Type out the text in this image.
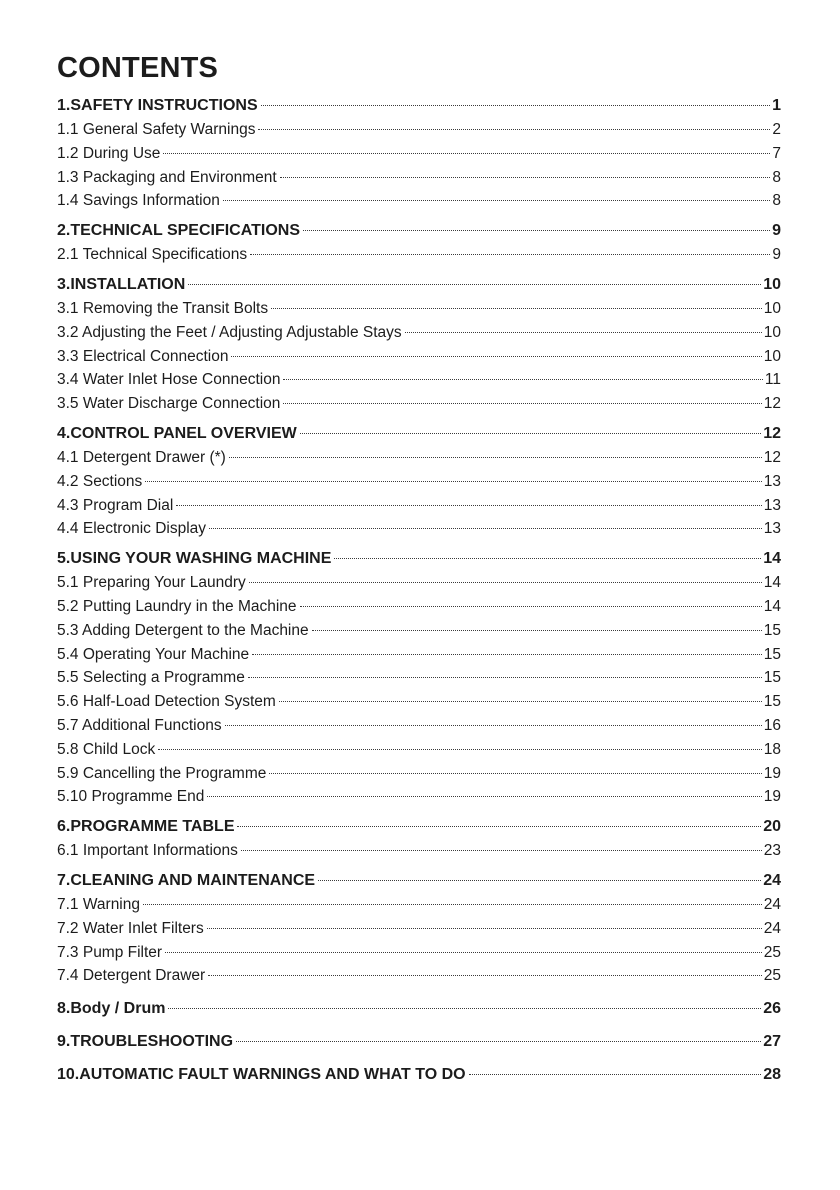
CONTENTS
1.SAFETY INSTRUCTIONS	1
1.1 General Safety Warnings	2
1.2 During Use	7
1.3 Packaging and Environment	8
1.4 Savings Information	8
2.TECHNICAL SPECIFICATIONS	9
2.1 Technical Specifications	9
3.INSTALLATION	10
3.1 Removing the Transit Bolts	10
3.2 Adjusting the Feet / Adjusting Adjustable Stays	10
3.3 Electrical Connection	10
3.4 Water Inlet Hose Connection	11
3.5 Water Discharge Connection	12
4.CONTROL PANEL OVERVIEW	12
4.1 Detergent Drawer (*)	12
4.2 Sections	13
4.3 Program Dial	13
4.4 Electronic Display	13
5.USING YOUR WASHING MACHINE	14
5.1 Preparing Your Laundry	14
5.2 Putting Laundry in the Machine	14
5.3 Adding Detergent to the Machine	15
5.4 Operating Your Machine	15
5.5 Selecting a Programme	15
5.6 Half-Load Detection System	15
5.7 Additional Functions	16
5.8 Child Lock	18
5.9 Cancelling the Programme	19
5.10 Programme End	19
6.PROGRAMME TABLE	20
6.1 Important Informations	23
7.CLEANING AND MAINTENANCE	24
7.1 Warning	24
7.2 Water Inlet Filters	24
7.3 Pump Filter	25
7.4 Detergent Drawer	25
8.Body / Drum	26
9.TROUBLESHOOTING	27
10.AUTOMATIC FAULT WARNINGS AND WHAT TO DO	28
